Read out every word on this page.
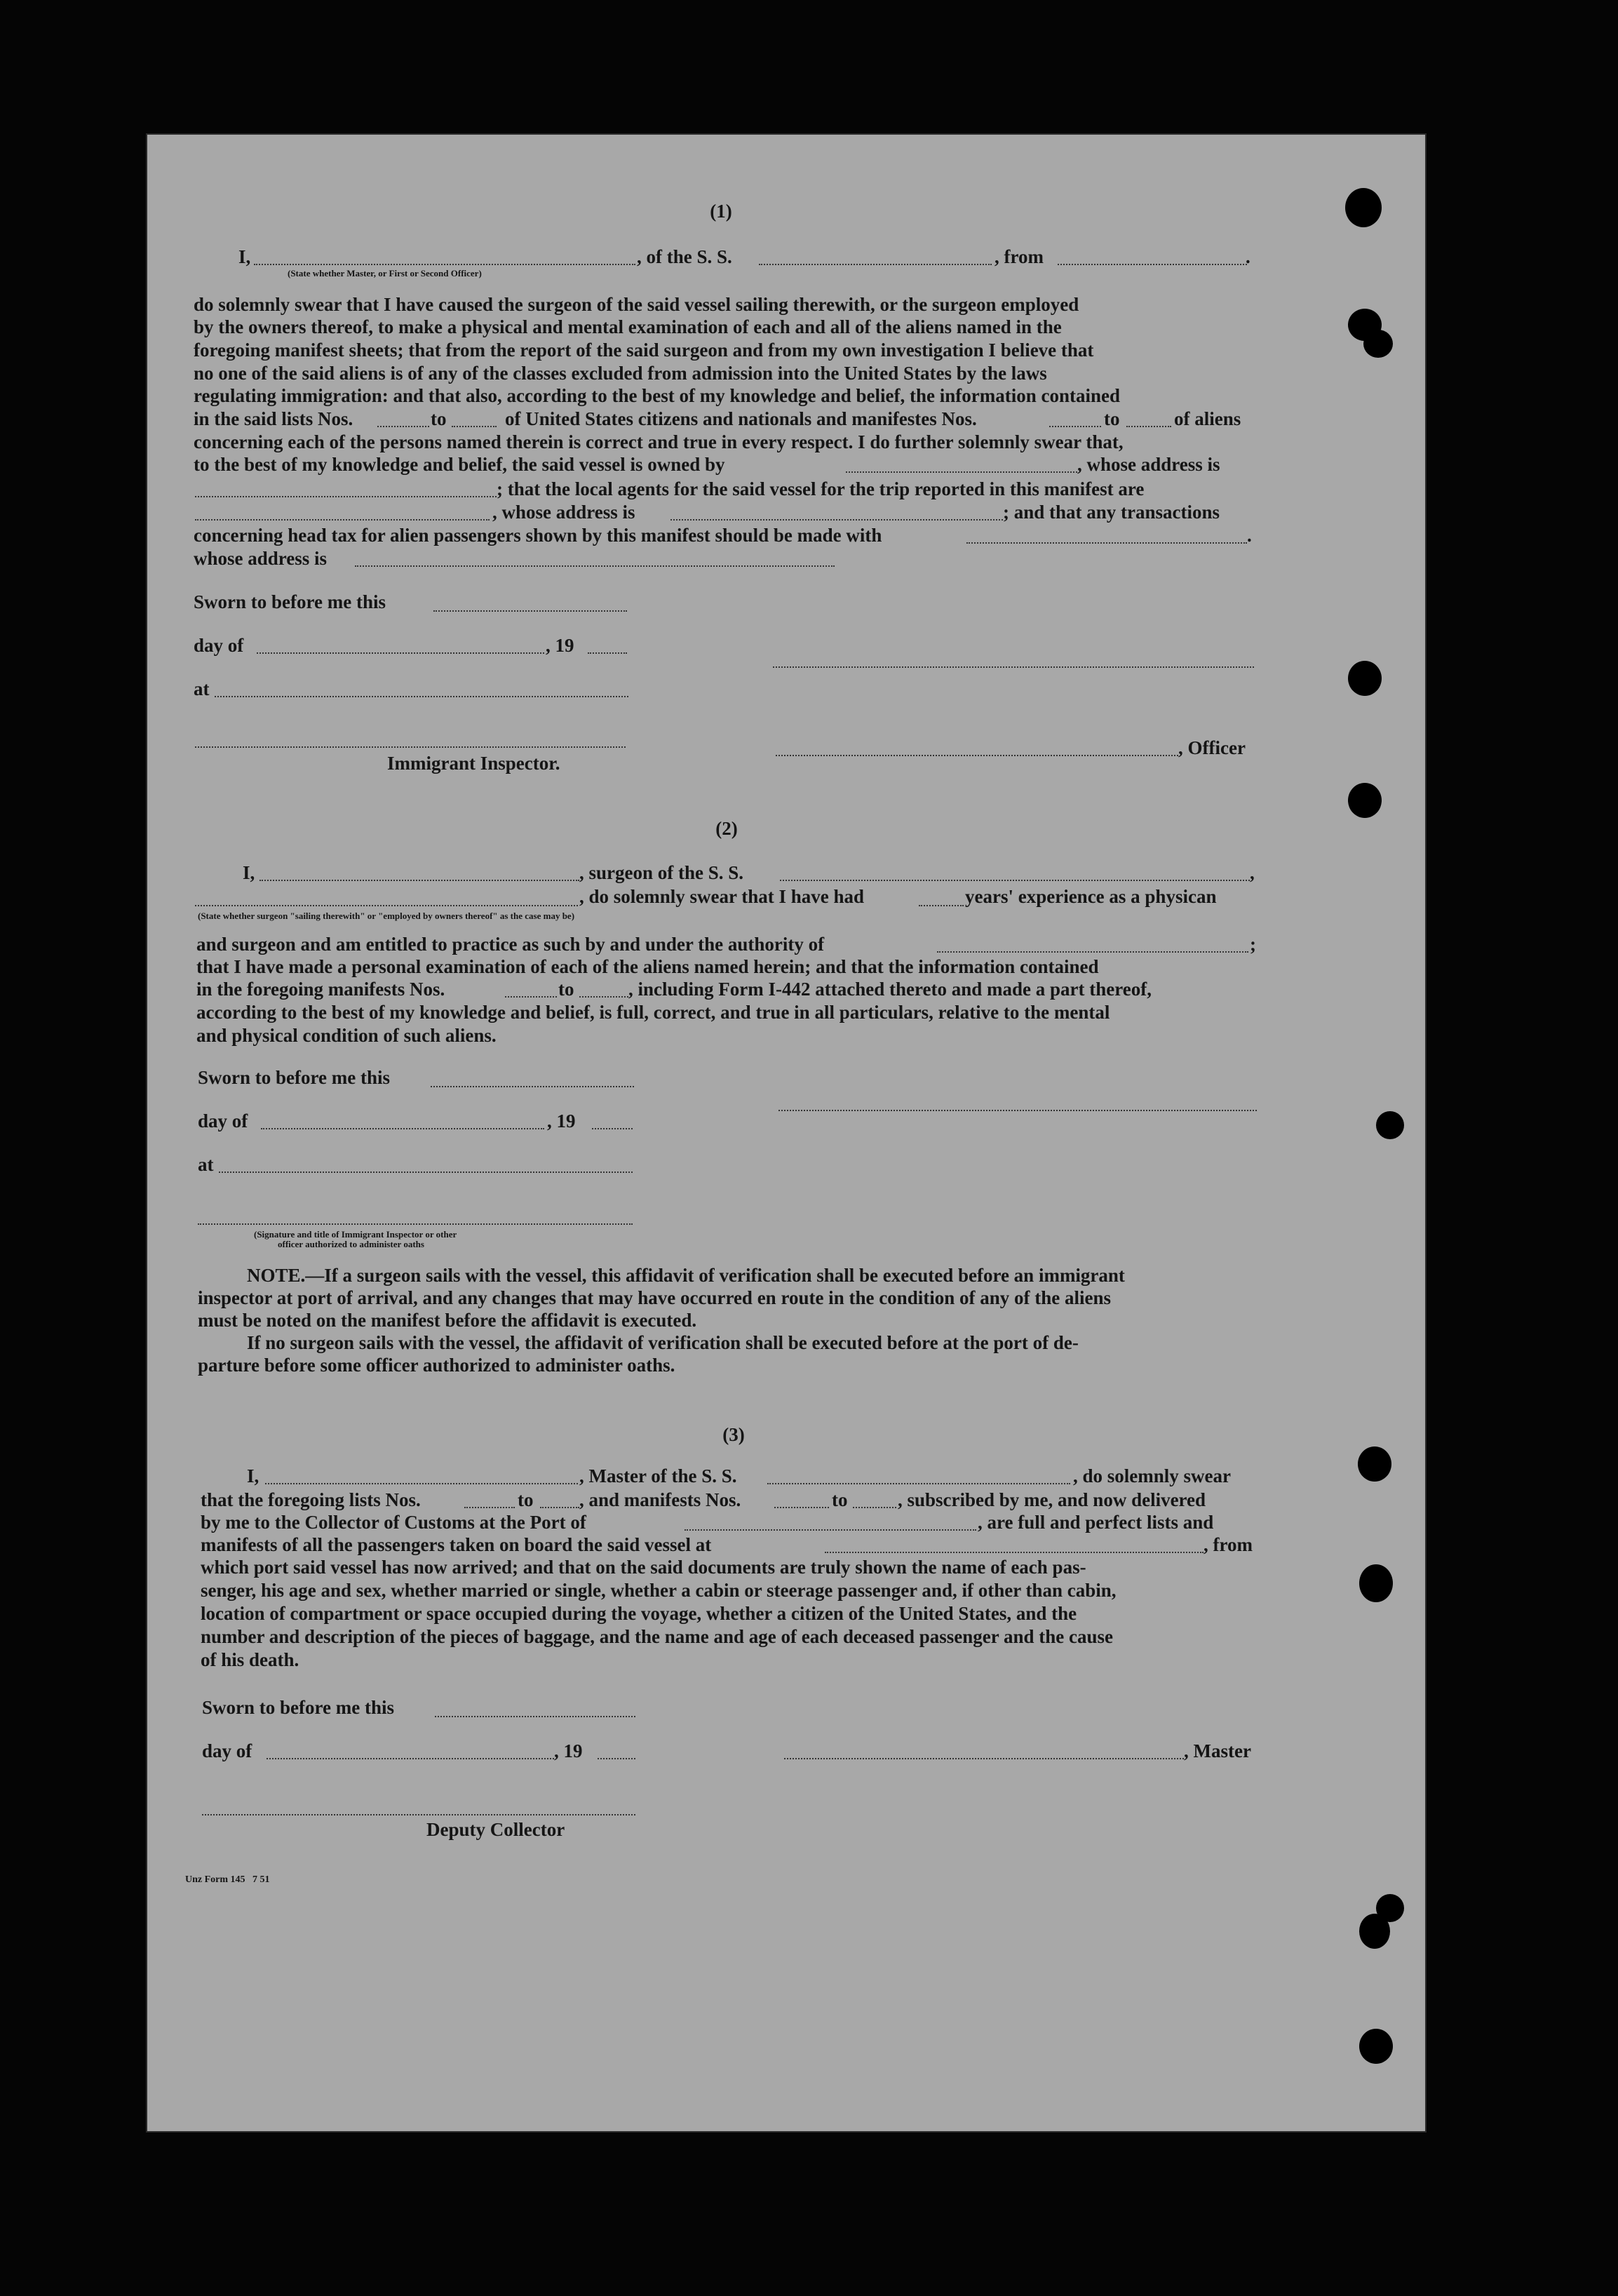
(1)
I,	, of the S. S.	, from	.
(State whether Master, or First or Second Officer)
do solemnly swear that I have caused the surgeon of the said vessel sailing therewith, or the surgeon employed
by the owners thereof, to make a physical and mental examination of each and all of the aliens named in the
foregoing manifest sheets; that from the report of the said surgeon and from my own investigation I believe that
no one of the said aliens is of any of the classes excluded from admission into the United States by the laws
regulating immigration: and that also, according to the best of my knowledge and belief, the information contained
in the said lists Nos.	to	of United States citizens and nationals and manifestes Nos.	to	of aliens
concerning each of the persons named therein is correct and true in every respect. I do further solemnly swear that,
to the best of my knowledge and belief, the said vessel is owned by	, whose address is
; that the local agents for the said vessel for the trip reported in this manifest are
, whose address is	; and that any transactions
concerning head tax for alien passengers shown by this manifest should be made with	.
whose address is
Sworn to before me this
day of	, 19
at
, Officer
Immigrant Inspector.
(2)
I,	, surgeon of the S. S.	,
, do solemnly swear that I have had	years' experience as a physican
(State whether surgeon "sailing therewith" or "employed by owners thereof" as the case may be)
and surgeon and am entitled to practice as such by and under the authority of	;
that I have made a personal examination of each of the aliens named herein; and that the information contained
in the foregoing manifests Nos.	to	, including Form I-442 attached thereto and made a part thereof,
according to the best of my knowledge and belief, is full, correct, and true in all particulars, relative to the mental
and physical condition of such aliens.
Sworn to before me this
day of	, 19
at
(Signature and title of Immigrant Inspector or other
officer authorized to administer oaths
NOTE.—If a surgeon sails with the vessel, this affidavit of verification shall be executed before an immigrant
inspector at port of arrival, and any changes that may have occurred en route in the condition of any of the aliens
must be noted on the manifest before the affidavit is executed.
If no surgeon sails with the vessel, the affidavit of verification shall be executed before at the port of de-
parture before some officer authorized to administer oaths.
(3)
I,	, Master of the S. S.	, do solemnly swear
that the foregoing lists Nos.	to , and manifests Nos.	to	, subscribed by me, and now delivered
by me to the Collector of Customs at the Port of	, are full and perfect lists and
manifests of all the passengers taken on board the said vessel at	, from
which port said vessel has now arrived; and that on the said documents are truly shown the name of each pas-
senger, his age and sex, whether married or single, whether a cabin or steerage passenger and, if other than cabin,
location of compartment or space occupied during the voyage, whether a citizen of the United States, and the
number and description of the pieces of baggage, and the name and age of each deceased passenger and the cause
of his death.
Sworn to before me this
day of	, 19	, Master
Deputy Collector
Unz Form 145   7 51
